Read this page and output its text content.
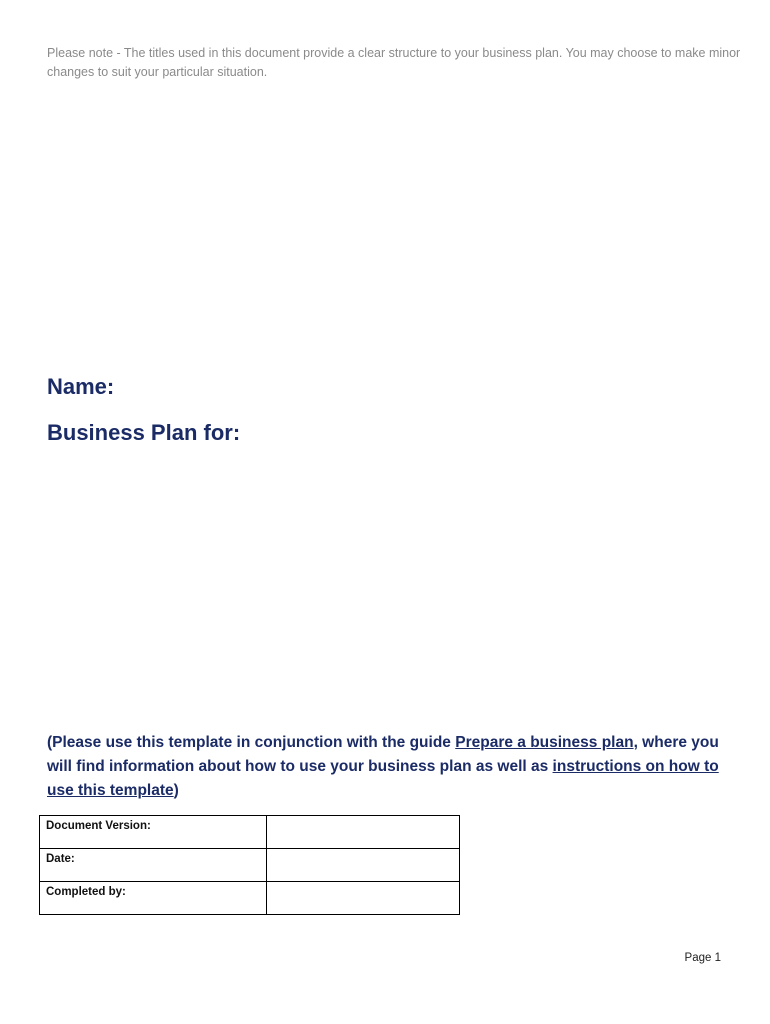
Please note - The titles used in this document provide a clear structure to your business plan. You may choose to make minor changes to suit your particular situation.
Name:
Business Plan for:
(Please use this template in conjunction with the guide Prepare a business plan, where you will find information about how to use your business plan as well as instructions on how to use this template)
Document Version:	
Date:	
Completed by:	
Page 1
